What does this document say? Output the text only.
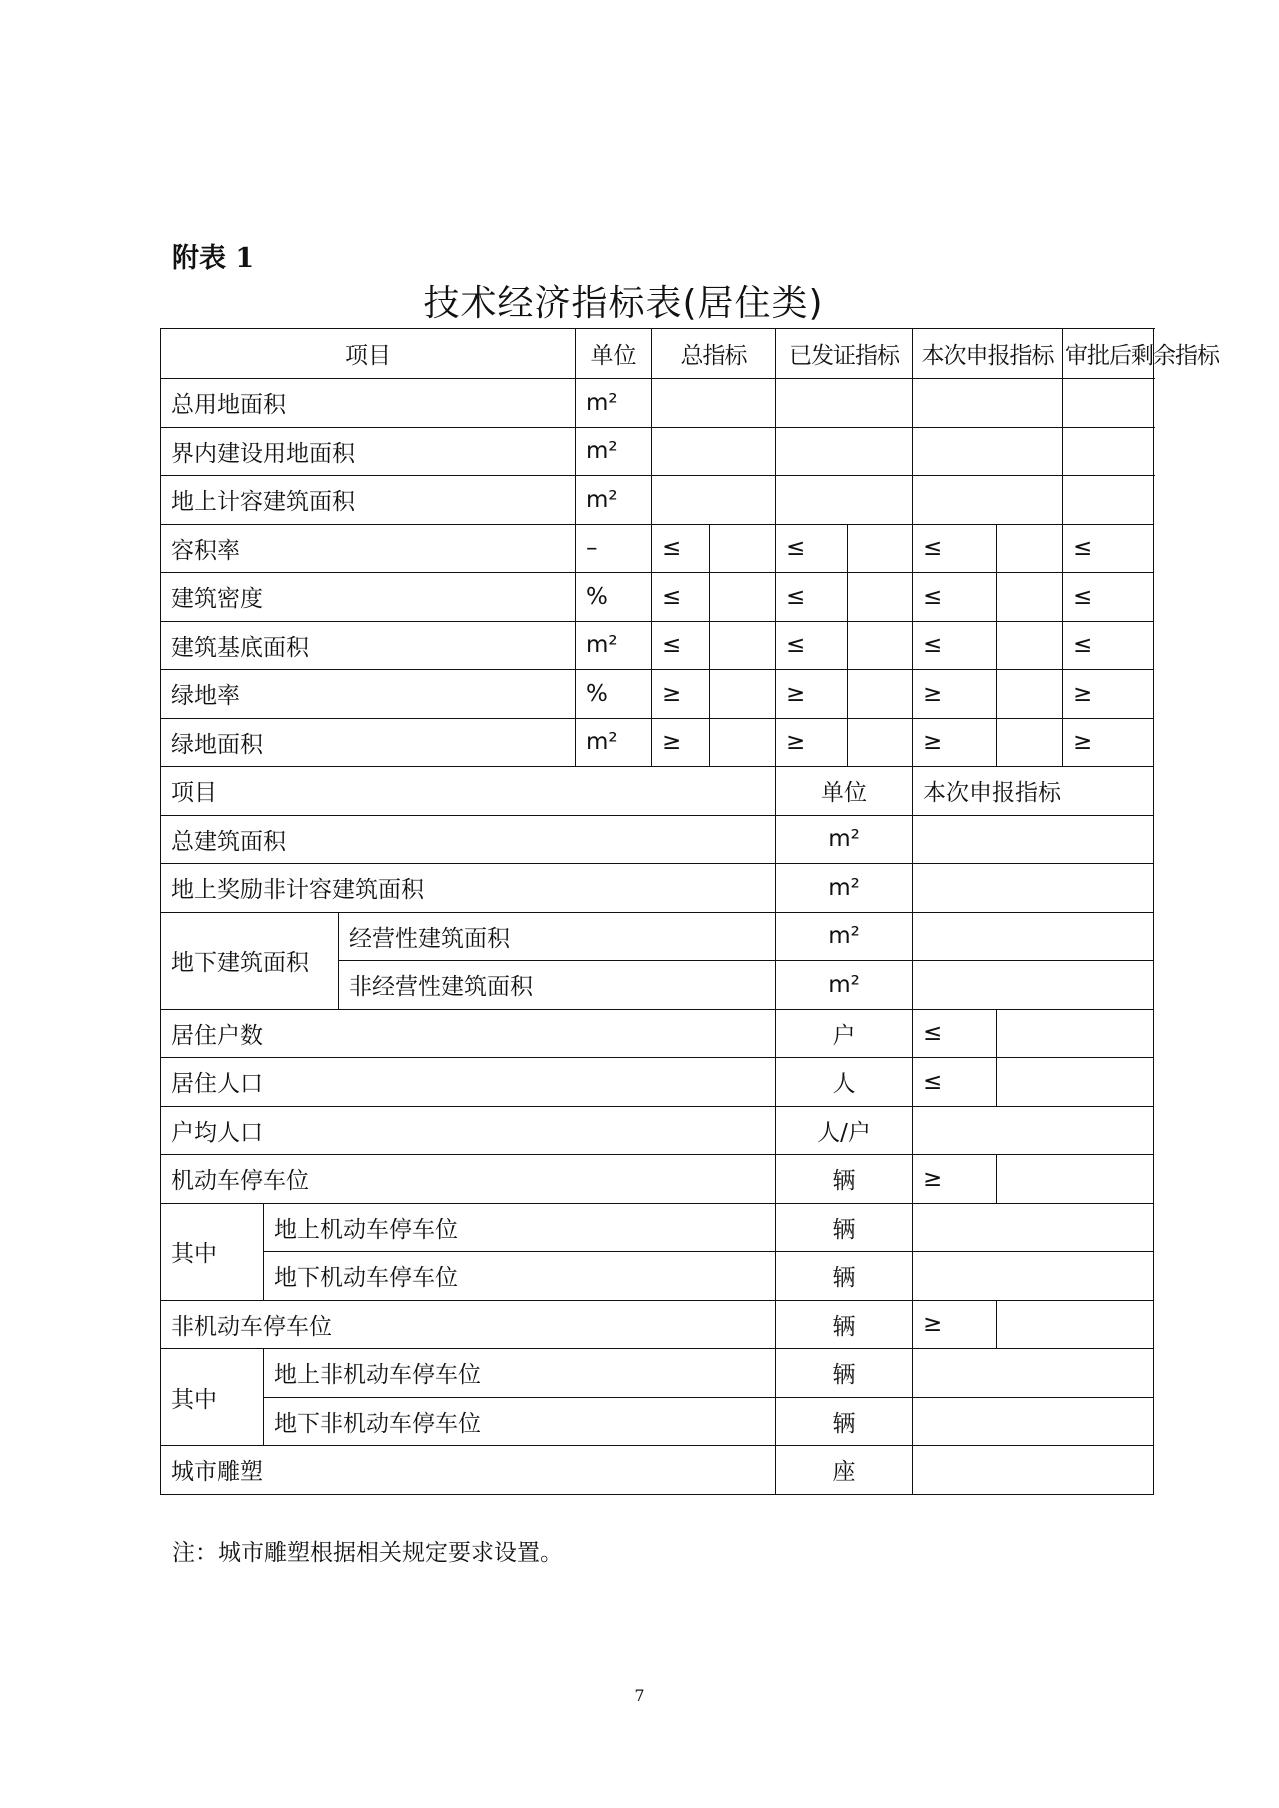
附表 1
技术经济指标表(居住类)
项目			单位	总指标		已发证指标		本次申报指标		审批后剩余指标	
总用地面积			m²								
界内建设用地面积			m²								
地上计容建筑面积			m²								
容积率			–	≤		≤		≤		≤	
建筑密度			%	≤		≤		≤		≤	
建筑基底面积			m²	≤		≤		≤		≤	
绿地率			%	≥		≥		≥		≥	
绿地面积			m²	≥		≥		≥		≥	
项目						单位		本次申报指标			
总建筑面积						m²					
地上奖励非计容建筑面积						m²					
地下建筑面积		经营性建筑面积				m²					
		非经营性建筑面积				m²					
居住户数						户		≤			
居住人口						人		≤			
户均人口						人/户					
机动车停车位						辆		≥			
其中	地上机动车停车位					辆					
	地下机动车停车位					辆					
非机动车停车位						辆		≥			
其中	地上非机动车停车位					辆					
	地下非机动车停车位					辆					
城市雕塑						座					
注：城市雕塑根据相关规定要求设置。
7
